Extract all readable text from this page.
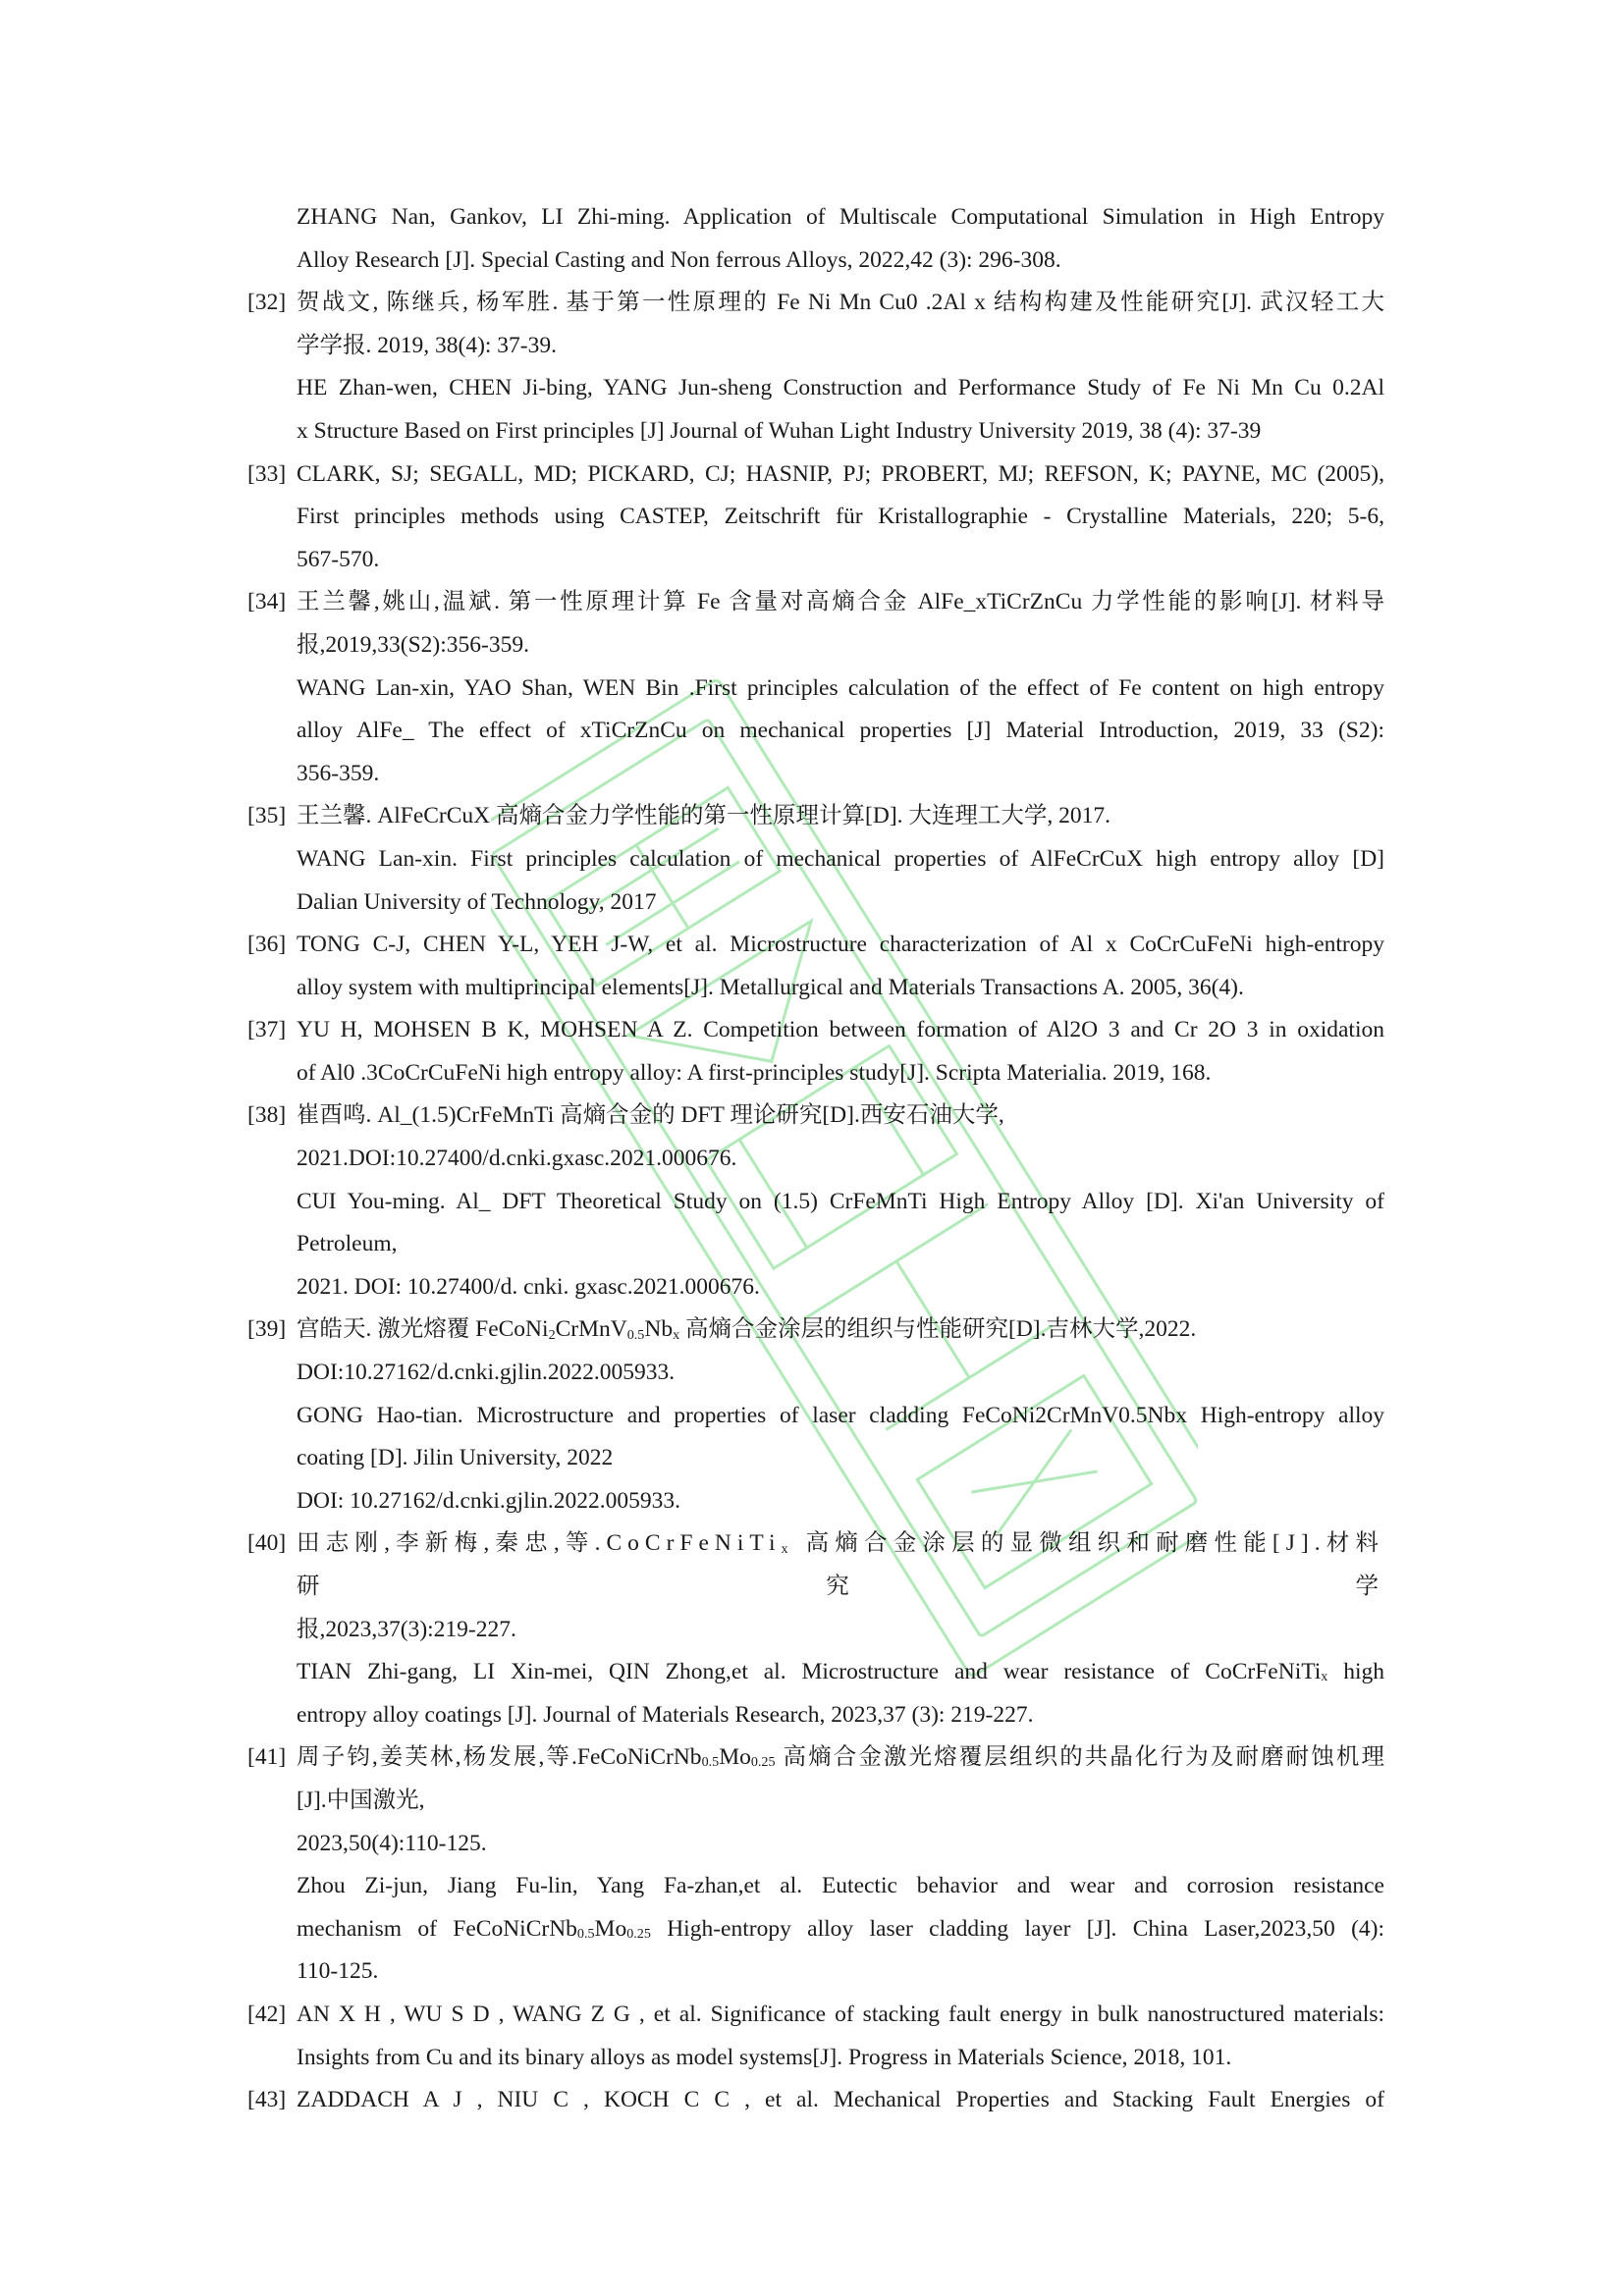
ZHANG Nan, Gankov, LI Zhi-ming. Application of Multiscale Computational Simulation in High Entropy
Alloy Research [J]. Special Casting and Non ferrous Alloys, 2022,42 (3): 296-308.
[32] 贺战文, 陈继兵, 杨军胜. 基于第一性原理的 Fe Ni Mn Cu0 .2Al x 结构构建及性能研究[J]. 武汉轻工大
学学报. 2019, 38(4): 37-39.
HE Zhan-wen, CHEN Ji-bing, YANG Jun-sheng Construction and Performance Study of Fe Ni Mn Cu 0.2Al
x Structure Based on First principles [J] Journal of Wuhan Light Industry University 2019, 38 (4): 37-39
[33] CLARK, SJ; SEGALL, MD; PICKARD, CJ; HASNIP, PJ; PROBERT, MJ; REFSON, K; PAYNE, MC (2005),
First principles methods using CASTEP, Zeitschrift für Kristallographie - Crystalline Materials, 220; 5-6,
567-570.
[34] 王兰馨,姚山,温斌. 第一性原理计算 Fe 含量对高熵合金 AlFe_xTiCrZnCu 力学性能的影响[J]. 材料导
报,2019,33(S2):356-359.
WANG Lan-xin, YAO Shan, WEN Bin .First principles calculation of the effect of Fe content on high entropy
alloy AlFe_ The effect of xTiCrZnCu on mechanical properties [J] Material Introduction, 2019, 33 (S2):
356-359.
[35] 王兰馨. AlFeCrCuX 高熵合金力学性能的第一性原理计算[D]. 大连理工大学, 2017.
WANG Lan-xin. First principles calculation of mechanical properties of AlFeCrCuX high entropy alloy [D]
Dalian University of Technology, 2017
[36] TONG C-J, CHEN Y-L, YEH J-W, et al. Microstructure characterization of Al x CoCrCuFeNi high-entropy
alloy system with multiprincipal elements[J]. Metallurgical and Materials Transactions A. 2005, 36(4).
[37] YU H, MOHSEN B K, MOHSEN A Z. Competition between formation of Al2O 3 and Cr 2O 3 in oxidation
of Al0 .3CoCrCuFeNi high entropy alloy: A first-principles study[J]. Scripta Materialia. 2019, 168.
[38] 崔酉鸣. Al_(1.5)CrFeMnTi 高熵合金的 DFT 理论研究[D].西安石油大学,
2021.DOI:10.27400/d.cnki.gxasc.2021.000676.
CUI You-ming. Al_ DFT Theoretical Study on (1.5) CrFeMnTi High Entropy Alloy [D]. Xi'an University of
Petroleum,
2021. DOI: 10.27400/d. cnki. gxasc.2021.000676.
[39] 宫皓天. 激光熔覆 $FeCoNi_2CrMnV_{0.5}Nb_x$ 高熵合金涂层的组织与性能研究[D].吉林大学,2022.
DOI:10.27162/d.cnki.gjlin.2022.005933.
GONG Hao-tian. Microstructure and properties of laser cladding FeCoNi2CrMnV0.5Nbx High-entropy alloy
coating [D]. Jilin University, 2022
DOI: 10.27162/d.cnki.gjlin.2022.005933.
[40] 田志刚,李新梅,秦忠,等.CoCrFeNiTi$_x$ 高熵合金涂层的显微组织和耐磨性能[J].材料研究学
报,2023,37(3):219-227.
TIAN Zhi-gang, LI Xin-mei, QIN Zhong,et al. Microstructure and wear resistance of CoCrFeNiTi$_x$ high
entropy alloy coatings [J]. Journal of Materials Research, 2023,37 (3): 219-227.
[41] 周子钧,姜芙林,杨发展,等$.FeCoNiCrNb_{0.5}Mo_{0.25}$ 高熵合金激光熔覆层组织的共晶化行为及耐磨耐蚀机理
[J].中国激光,
2023,50(4):110-125.
Zhou Zi-jun, Jiang Fu-lin, Yang Fa-zhan,et al. Eutectic behavior and wear and corrosion resistance
mechanism of $FeCoNiCrNb_{0.5}Mo_{0.25}$ High-entropy alloy laser cladding layer [J]. China Laser,2023,50 (4):
110-125.
[42] AN X H , WU S D , WANG Z G , et al. Significance of stacking fault energy in bulk nanostructured materials:
Insights from Cu and its binary alloys as model systems[J]. Progress in Materials Science, 2018, 101.
[43] ZADDACH A J , NIU C , KOCH C C , et al. Mechanical Properties and Stacking Fault Energies of
